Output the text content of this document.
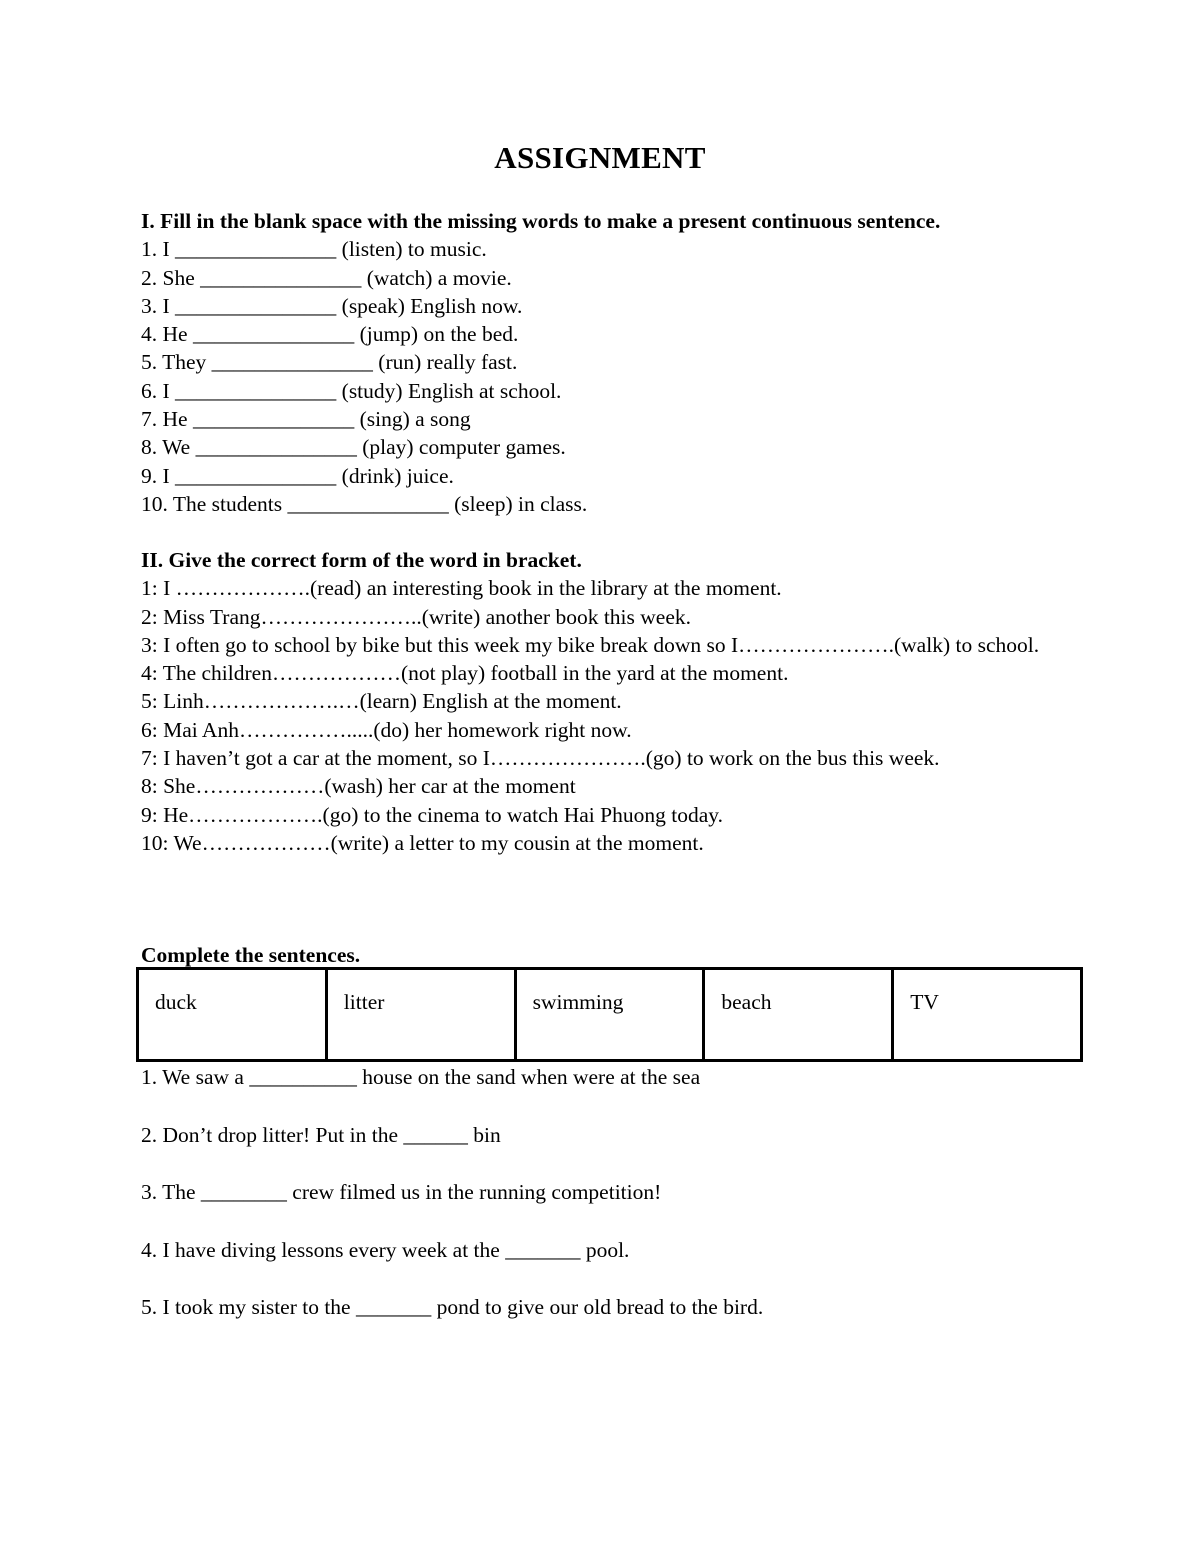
ASSIGNMENT
I. Fill in the blank space with the missing words to make a present continuous sentence.
1. I _______________ (listen) to music.
2. She _______________ (watch) a movie.
3. I _______________ (speak) English now.
4. He _______________ (jump) on the bed.
5. They _______________ (run) really fast.
6. I _______________ (study) English at school.
7. He _______________ (sing) a song
8. We _______________ (play) computer games.
9. I _______________ (drink) juice.
10. The students _______________ (sleep) in class.
II. Give the correct form of the word in bracket.
1: I ……………….(read) an interesting book in the library at the moment.
2: Miss Trang…………………..(write) another book this week.
3: I often go to school by bike but this week my bike break down so I………………….(walk) to school.
4: The children………………(not play) football in the yard at the moment.
5: Linh……………….…(learn) English at the moment.
6: Mai Anh…………….....(do) her homework right now.
7: I haven’t got a car at the moment, so I………………….(go) to work on the bus this week.
8: She………………(wash) her car at the moment
9: He……………….(go) to the cinema to watch Hai Phuong today.
10: We………………(write) a letter to my cousin at the moment.
Complete the sentences.
duck	litter	swimming	beach	TV
1. We saw a __________ house on the sand when were at the sea
2. Don’t drop litter! Put in the ______ bin
3. The ________ crew filmed us in the running competition!
4. I have diving lessons every week at the _______ pool.
5. I took my sister to the _______ pond to give our old bread to the bird.
